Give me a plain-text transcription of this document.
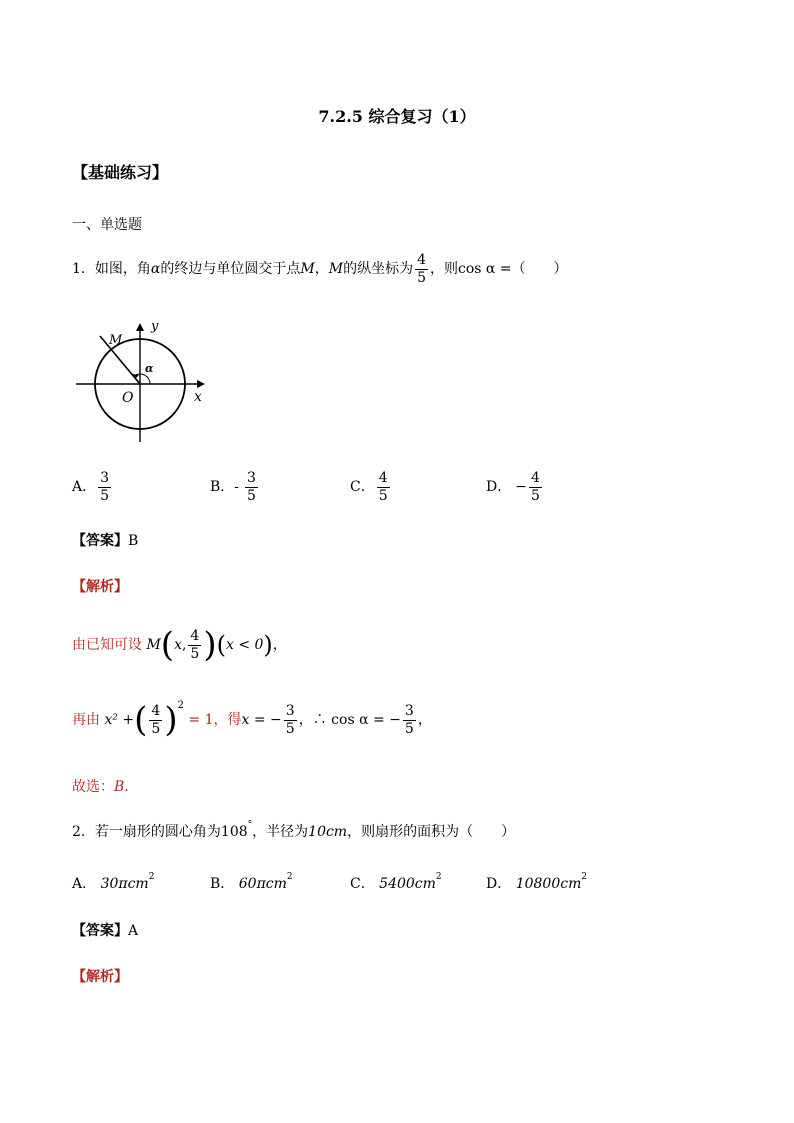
7.2.5 综合复习（1）
【基础练习】
一、单选题
1．如图，角α的终边与单位圆交于点M，M的纵坐标为 $\frac{4}{5}$ ，则cos α =（　　）
y
x
O
M
α
A． $\frac{3}{5}$	B．- $\frac{3}{5}$	C． $\frac{4}{5}$	D． − $\frac{4}{5}$
【答案】B
【解析】
由已知可设 M(x, $\frac{4}{5} )(x < 0)$，
再由 x² +( $\frac{4}{5} )^2 = 1$，得x = − $\frac{3}{5}$ ，∴ cos α = − $\frac{3}{5}$ ，
故选：B.
2．若一扇形的圆心角为108°，半径为10cm，则扇形的面积为（　　）
A． 30πcm$^2$	B． 60πcm$^2$	C． $5400cm^2$	D． $10800cm^2$
【答案】A
【解析】
